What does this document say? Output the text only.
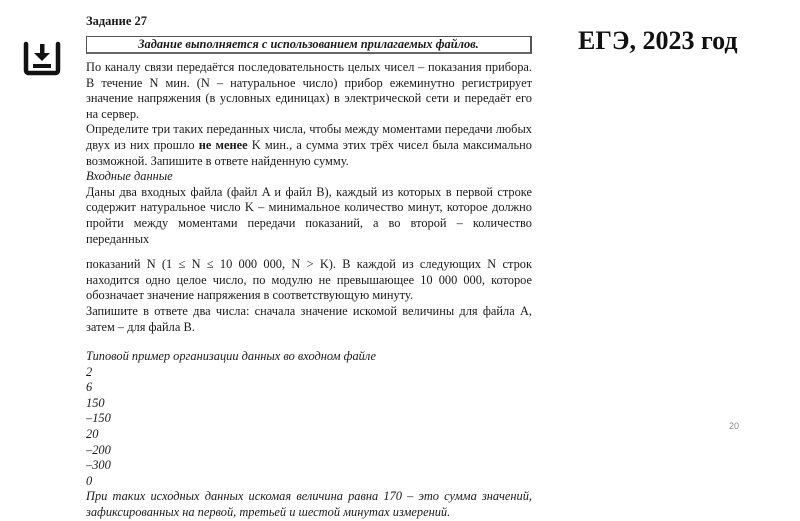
ЕГЭ, 2023 год
Задание 27
Задание выполняется с использованием прилагаемых файлов.

По каналу связи передаётся последовательность целых чисел – показания прибора. В течение N мин. (N – натуральное число) прибор ежеминутно регистрирует значение напряжения (в условных единицах) в электрической сети и передаёт его на сервер.

Определите три таких переданных числа, чтобы между моментами передачи любых двух из них прошло не менее K мин., а сумма этих трёх чисел была максимально возможной. Запишите в ответе найденную сумму.

Входные данные

Даны два входных файла (файл A и файл B), каждый из которых в первой строке содержит натуральное число K – минимальное количество минут, которое должно пройти между моментами передачи показаний, а во второй – количество переданных

показаний N (1 ≤ N ≤ 10 000 000, N > K). В каждой из следующих N строк находится одно целое число, по модулю не превышающее 10 000 000, которое обозначает значение напряжения в соответствующую минуту.

Запишите в ответе два числа: сначала значение искомой величины для файла A, затем – для файла B.

Типовой пример организации данных во входном файле

2
6
150
–150
20
–200
–300
0

При таких исходных данных искомая величина равна 170 – это сумма значений, зафиксированных на первой, третьей и шестой минутах измерений.

20
